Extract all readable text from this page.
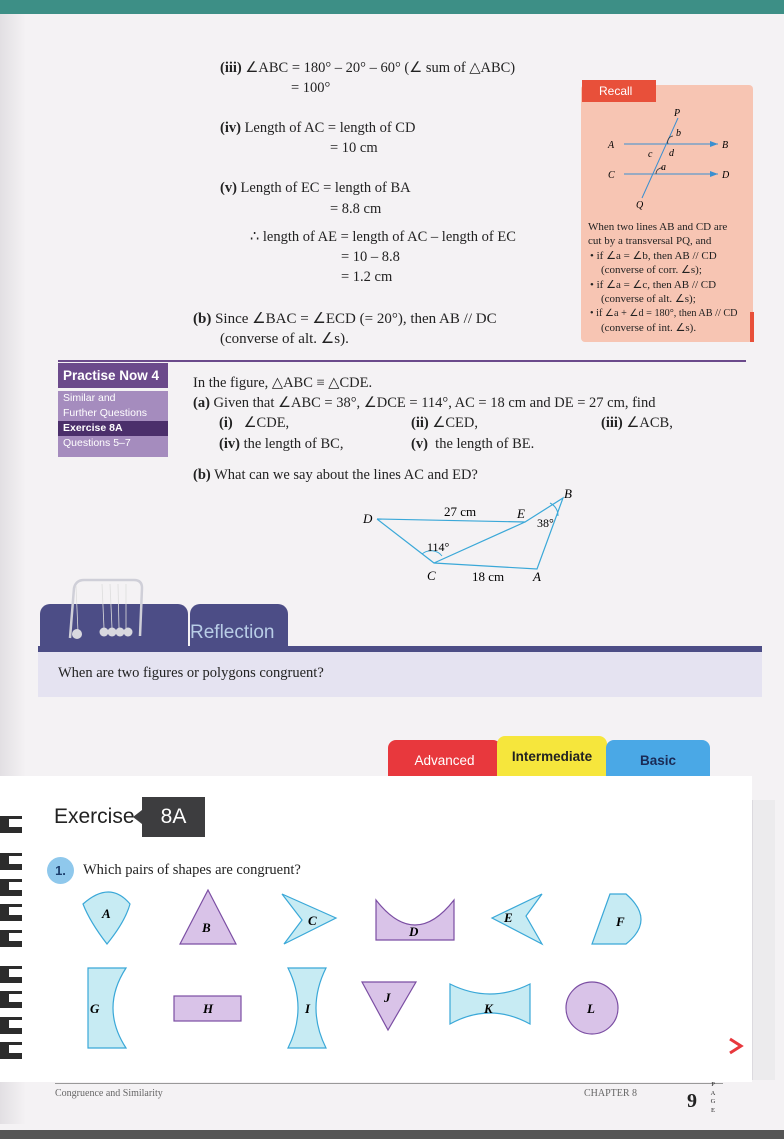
(iii) ∠ABC = 180° – 20° – 60° (∠ sum of △ABC)
= 100°
(iv) Length of AC = length of CD
= 10 cm
(v) Length of EC = length of BA
= 8.8 cm
∴ length of AE = length of AC – length of EC
= 10 – 8.8
= 1.2 cm
(b) Since ∠BAC = ∠ECD (= 20°), then AB // DC
(converse of alt. ∠s).
Recall
P
Q
A	B
C	D
b
c d
a
When two lines AB and CD are
cut by a transversal PQ, and
• if ∠a = ∠b, then AB // CD
(converse of corr. ∠s);
• if ∠a = ∠c, then AB // CD
(converse of alt. ∠s);
• if ∠a + ∠d = 180°, then AB // CD
(converse of int. ∠s).
Practise Now 4
Similar and
Further Questions
Exercise 8A
Questions 5–7
In the figure, △ABC ≡ △CDE.
(a) Given that ∠ABC = 38°, ∠DCE = 114°, AC = 18 cm and DE = 27 cm, find
(i) ∠CDE,	(ii) ∠CED,	(iii) ∠ACB,
(iv) the length of BC,	(v) the length of BE.
(b) What can we say about the lines AC and ED?
D	E
B
C	A
27 cm
18 cm
114°
38°
Reflection
When are two figures or polygons congruent?
Advanced	Intermediate	Basic
Exercise	8A
1.	Which pairs of shapes are congruent?
A
B	C
D
E	F
G	H	I
J
K	L
Congruence and Similarity	CHAPTER 8 9
P
A
G
E
